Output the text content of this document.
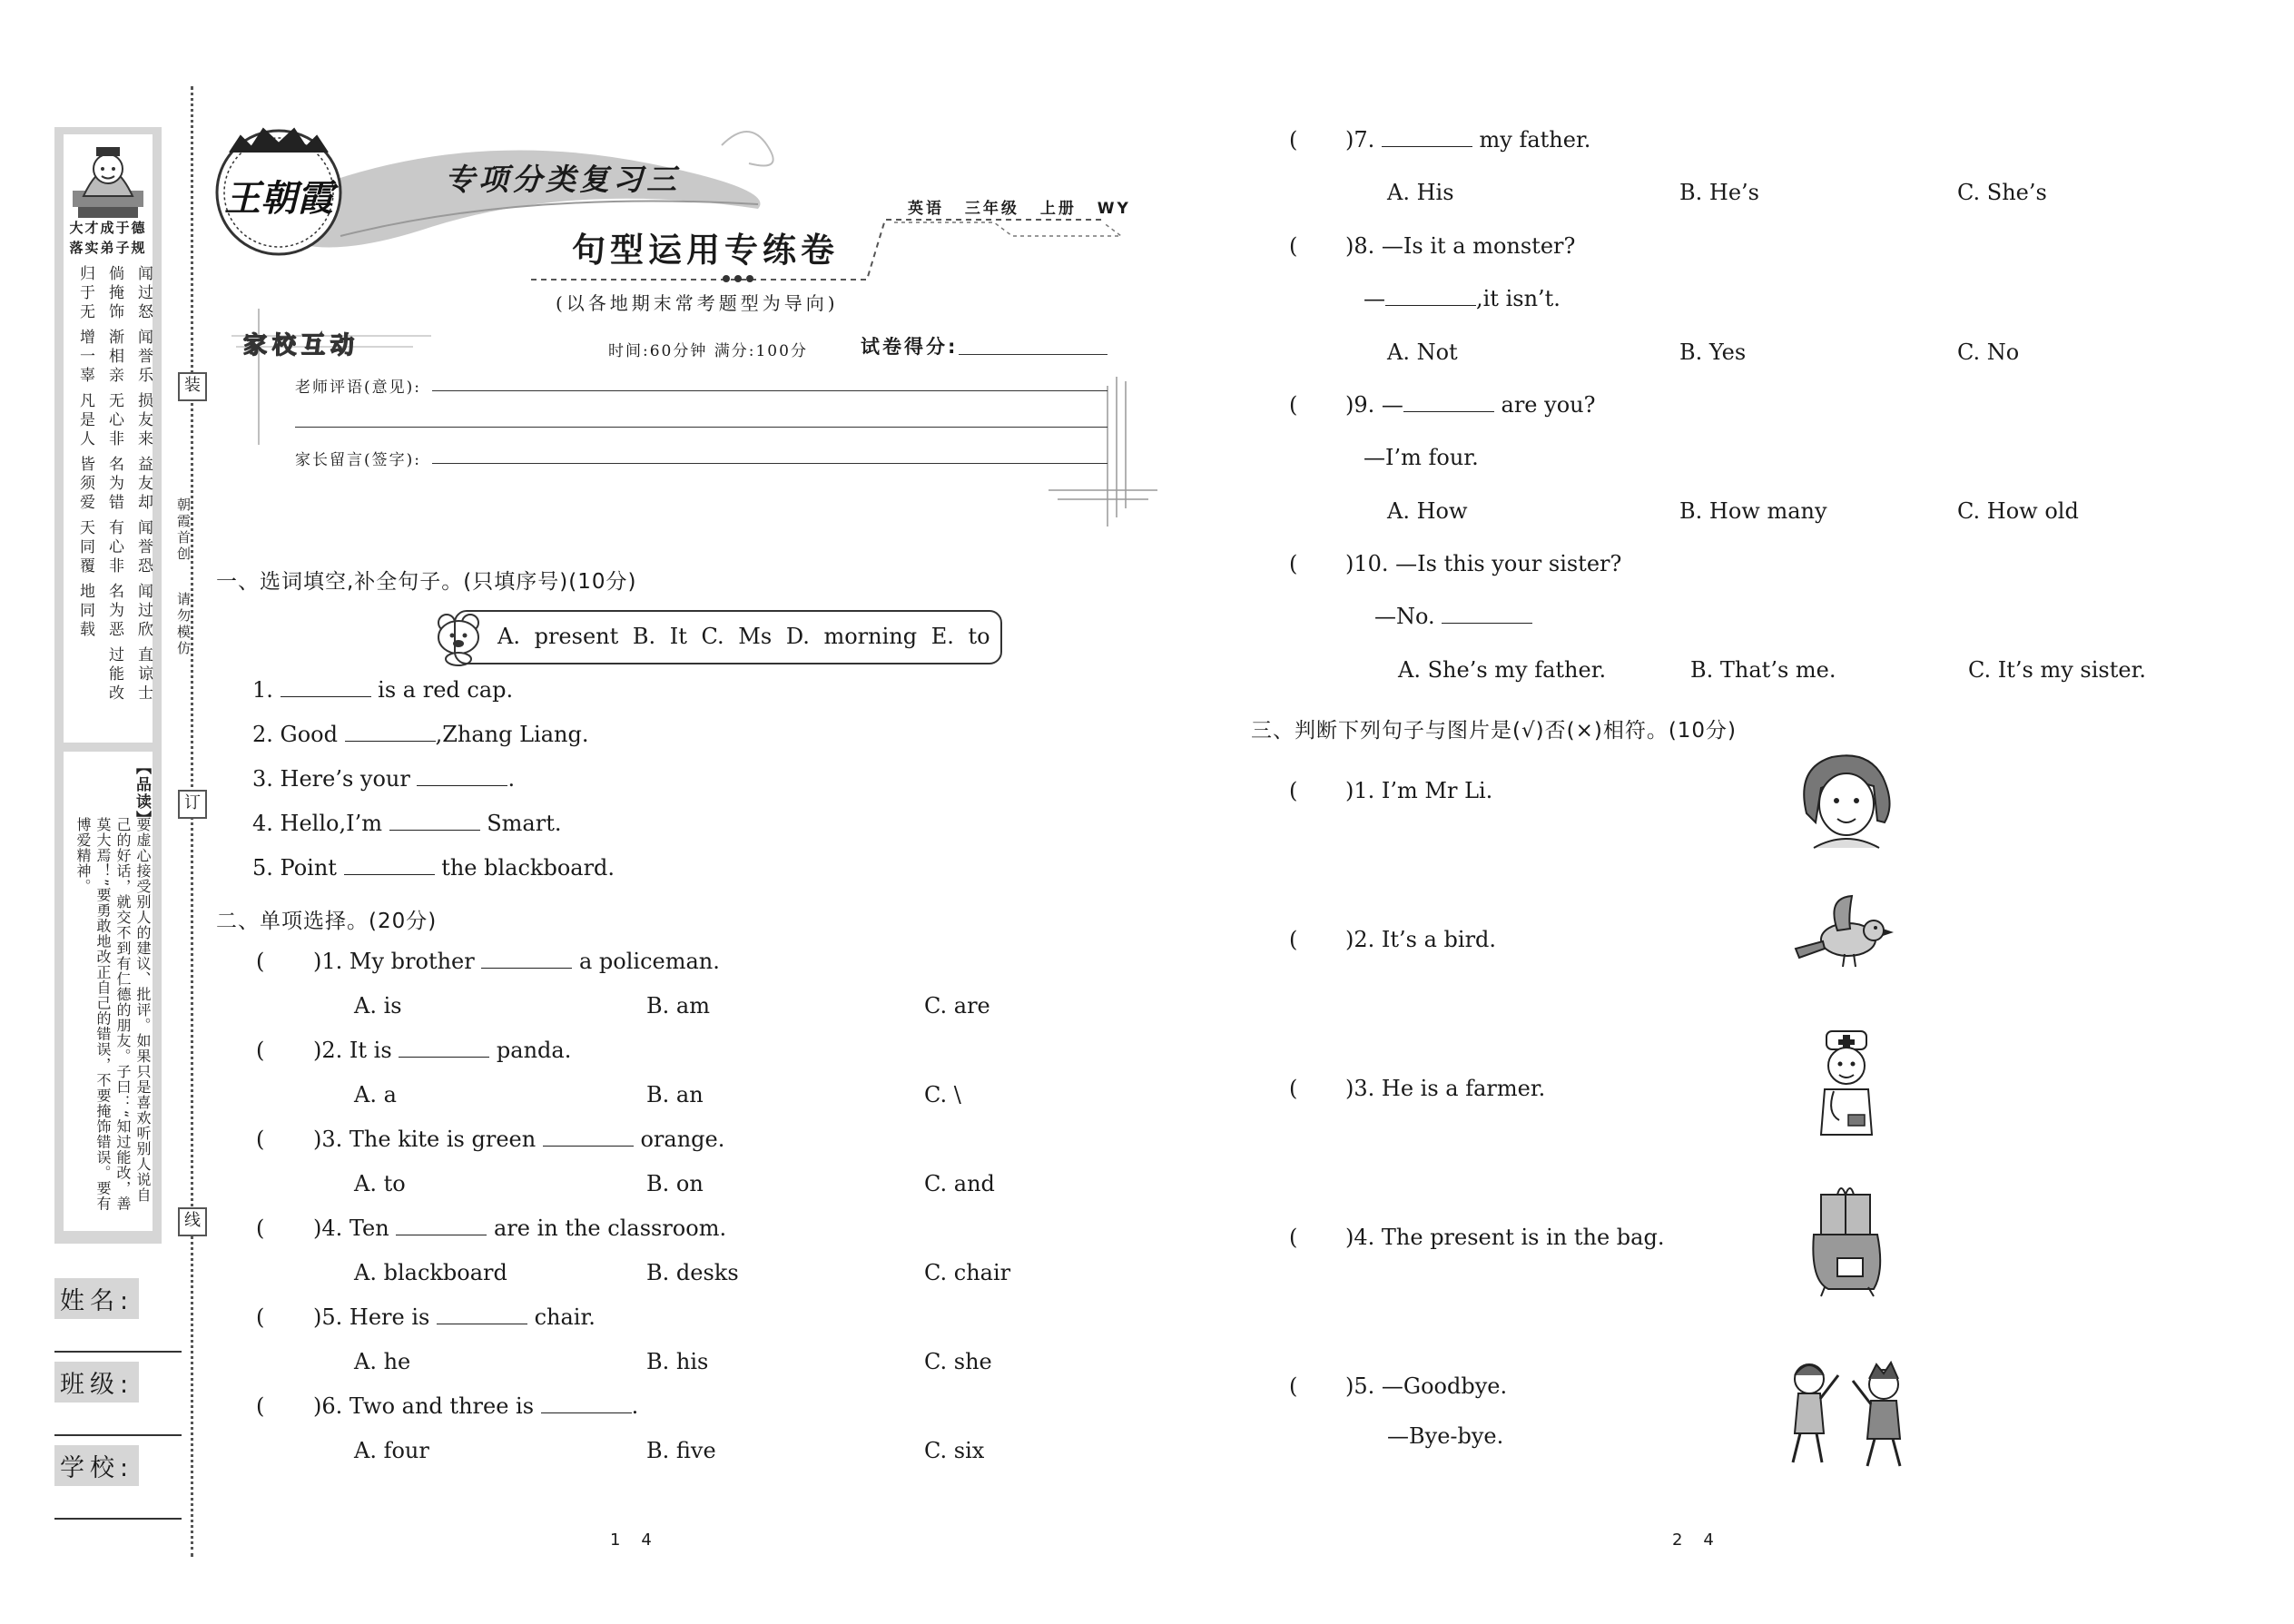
大才成于德
落实弟子规
闻过怒
闻誉乐
损友来
益友却
闻誉恐
闻过欣
直谅士
倘掩饰
渐相亲
无心非
名为错
有心非
名为恶
过能改
归于无
增一辜
凡是人
皆须爱
天同覆
地同载
【品读】
要虚心接受别人的建议、批评。如果只是喜欢听别人说自己的好话，就交不到有仁德的朋友。子曰：“知过能改，善莫大焉！”要勇敢地改正自己的错误，不要掩饰错误。要有博爱精神。
姓名:
班级:
学校:
装
订
线
朝霞首创
请勿模仿
王朝霞	专项分类复习三
句型运用专练卷
(以各地期末常考题型为导向)
英语 三年级 上册 WY
家校互动	时间:60分钟 满分:100分	试卷得分:
老师评语(意见):
家长留言(签字):
一、选词填空,补全句子。(只填序号)(10分)
A. present B. It C. Ms D. morning E. to
1.	is a red cap.
2. Good	,Zhang Liang.
3. Here’s your	.
4. Hello,I’m	Smart.
5. Point	the blackboard.
二、单项选择。(20分)
( )1. My brother	a policeman.
A. is	B. am	C. are
( )2. It is	panda.
A. a	B. an	C. \
( )3. The kite is green	orange.
A. to	B. on	C. and
( )4. Ten	are in the classroom.
A. blackboard	B. desks	C. chair
( )5. Here is	chair.
A. he	B. his	C. she
( )6. Two and three is	.
A. four	B. five	C. six
( )7.	my father.
A. His	B. He’s	C. She’s
( )8. —Is it a monster?
—	,it isn’t.
A. Not	B. Yes	C. No
( )9. —	are you?
—I’m four.
A. How	B. How many	C. How old
( )10. —Is this your sister?
—No.
A. She’s my father.	B. That’s me.	C. It’s my sister.
三、判断下列句子与图片是(√)否(×)相符。(10分)
( )1. I’m Mr Li.
( )2. It’s a bird.
( )3. He is a farmer.
( )4. The present is in the bag.
( )5. —Goodbye.
—Bye-bye.
1    4	2    4
